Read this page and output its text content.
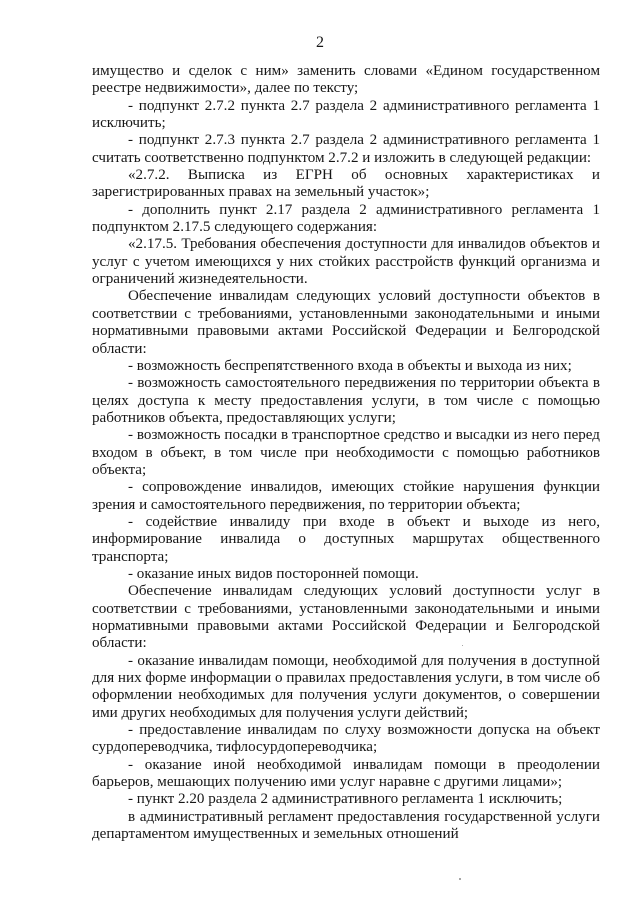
2

имущество и сделок с ним» заменить словами «Едином государственном реестре недвижимости», далее по тексту;

- подпункт 2.7.2 пункта 2.7 раздела 2 административного регламента 1 исключить;

- подпункт 2.7.3 пункта 2.7 раздела 2 административного регламента 1 считать соответственно подпунктом 2.7.2 и изложить в следующей редакции:

«2.7.2. Выписка из ЕГРН об основных характеристиках и зарегистрированных правах на земельный участок»;

- дополнить пункт 2.17 раздела 2 административного регламента 1 подпунктом 2.17.5 следующего содержания:

«2.17.5. Требования обеспечения доступности для инвалидов объектов и услуг с учетом имеющихся у них стойких расстройств функций организма и ограничений жизнедеятельности.

Обеспечение инвалидам следующих условий доступности объектов в соответствии с требованиями, установленными законодательными и иными нормативными правовыми актами Российской Федерации и Белгородской области:

- возможность беспрепятственного входа в объекты и выхода из них;

- возможность самостоятельного передвижения по территории объекта в целях доступа к месту предоставления услуги, в том числе с помощью работников объекта, предоставляющих услуги;

- возможность посадки в транспортное средство и высадки из него перед входом в объект, в том числе при необходимости с помощью работников объекта;

- сопровождение инвалидов, имеющих стойкие нарушения функции зрения и самостоятельного передвижения, по территории объекта;

- содействие инвалиду при входе в объект и выходе из него, информирование инвалида о доступных маршрутах общественного транспорта;

- оказание иных видов посторонней помощи.

Обеспечение инвалидам следующих условий доступности услуг в соответствии с требованиями, установленными законодательными и иными нормативными правовыми актами Российской Федерации и Белгородской области:

- оказание инвалидам помощи, необходимой для получения в доступной для них форме информации о правилах предоставления услуги, в том числе об оформлении необходимых для получения услуги документов, о совершении ими других необходимых для получения услуги действий;

- предоставление инвалидам по слуху возможности допуска на объект сурдопереводчика, тифлосурдопереводчика;

- оказание иной необходимой инвалидам помощи в преодолении барьеров, мешающих получению ими услуг наравне с другими лицами»;

- пункт 2.20 раздела 2 административного регламента 1 исключить;

в административный регламент предоставления государственной услуги департаментом имущественных и земельных отношений
